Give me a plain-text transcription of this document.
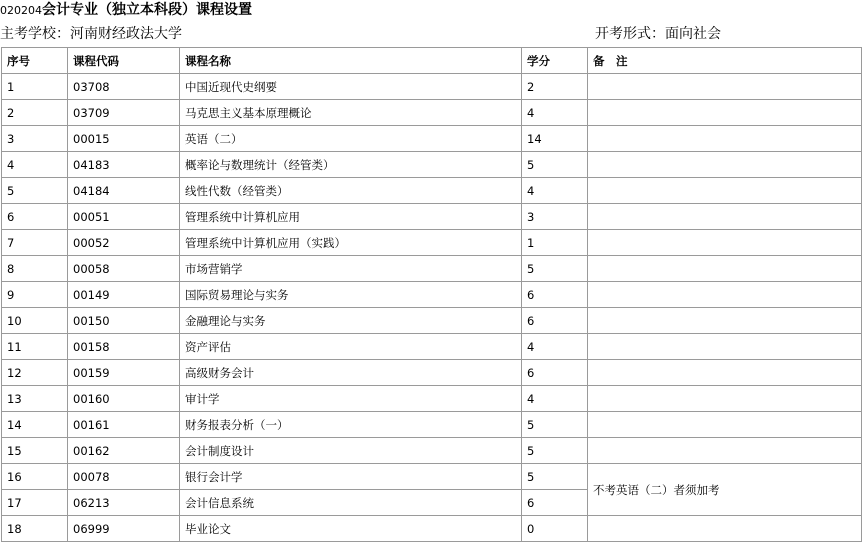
020204会计专业（独立本科段）课程设置
主考学校：河南财经政法大学	开考形式：面向社会
序号	课程代码	课程名称	学分	备　注
1	03708	中国近现代史纲要	2	
2	03709	马克思主义基本原理概论	4	
3	00015	英语（二）	14	
4	04183	概率论与数理统计（经管类）	5	
5	04184	线性代数（经管类）	4	
6	00051	管理系统中计算机应用	3	
7	00052	管理系统中计算机应用（实践）	1	
8	00058	市场营销学	5	
9	00149	国际贸易理论与实务	6	
10	00150	金融理论与实务	6	
11	00158	资产评估	4	
12	00159	高级财务会计	6	
13	00160	审计学	4	
14	00161	财务报表分析（一）	5	
15	00162	会计制度设计	5	
16	00078	银行会计学	5	不考英语（二）者须加考
17	06213	会计信息系统	6	
18	06999	毕业论文	0	
